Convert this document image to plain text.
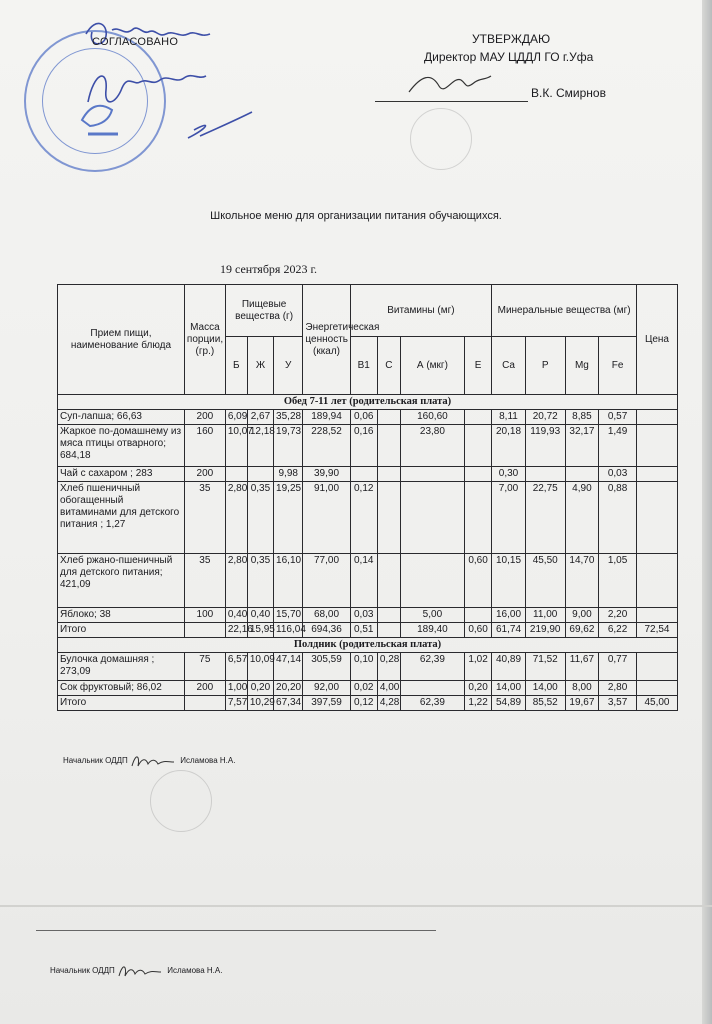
СОГЛАСОВАНО	УТВЕРЖДАЮ
Директор МАУ ЦДДЛ ГО г.Уфа
В.К. Смирнов
Школьное меню для организации питания обучающихся.
19 сентября 2023 г.
Прием пищи, наименование блюда	Масса порции, (гр.)	Пищевые вещества (г)			Энергетическая ценность (ккал)	Витамины (мг)				Минеральные вещества (мг)				Цена
		Б	Ж	У		B1	C	А (мкг)	E	Ca	P	Mg	Fe	
Обед 7-11 лет (родительская плата)														
Суп-лапша; 66,63	200	6,09	2,67	35,28	189,94	0,06		160,60		8,11	20,72	8,85	0,57	
Жаркое по-домашнему из мяса птицы отварного; 684,18	160	10,07	12,18	19,73	228,52	0,16		23,80		20,18	119,93	32,17	1,49	
Чай с сахаром ; 283	200			9,98	39,90					0,30			0,03	
Хлеб пшеничный обогащенный витаминами для детского питания ; 1,27	35	2,80	0,35	19,25	91,00	0,12				7,00	22,75	4,90	0,88	
Хлеб ржано-пшеничный для детского питания; 421,09	35	2,80	0,35	16,10	77,00	0,14			0,60	10,15	45,50	14,70	1,05	
Яблоко; 38	100	0,40	0,40	15,70	68,00	0,03		5,00		16,00	11,00	9,00	2,20	
Итого		22,16	15,95	116,04	694,36	0,51		189,40	0,60	61,74	219,90	69,62	6,22	72,54
Полдник (родительская плата)														
Булочка домашняя ; 273,09	75	6,57	10,09	47,14	305,59	0,10	0,28	62,39	1,02	40,89	71,52	11,67	0,77	
Сок фруктовый; 86,02	200	1,00	0,20	20,20	92,00	0,02	4,00		0,20	14,00	14,00	8,00	2,80	
Итого		7,57	10,29	67,34	397,59	0,12	4,28	62,39	1,22	54,89	85,52	19,67	3,57	45,00
Начальник ОДДП	Исламова Н.А.
Начальник ОДДП	Исламова Н.А.
